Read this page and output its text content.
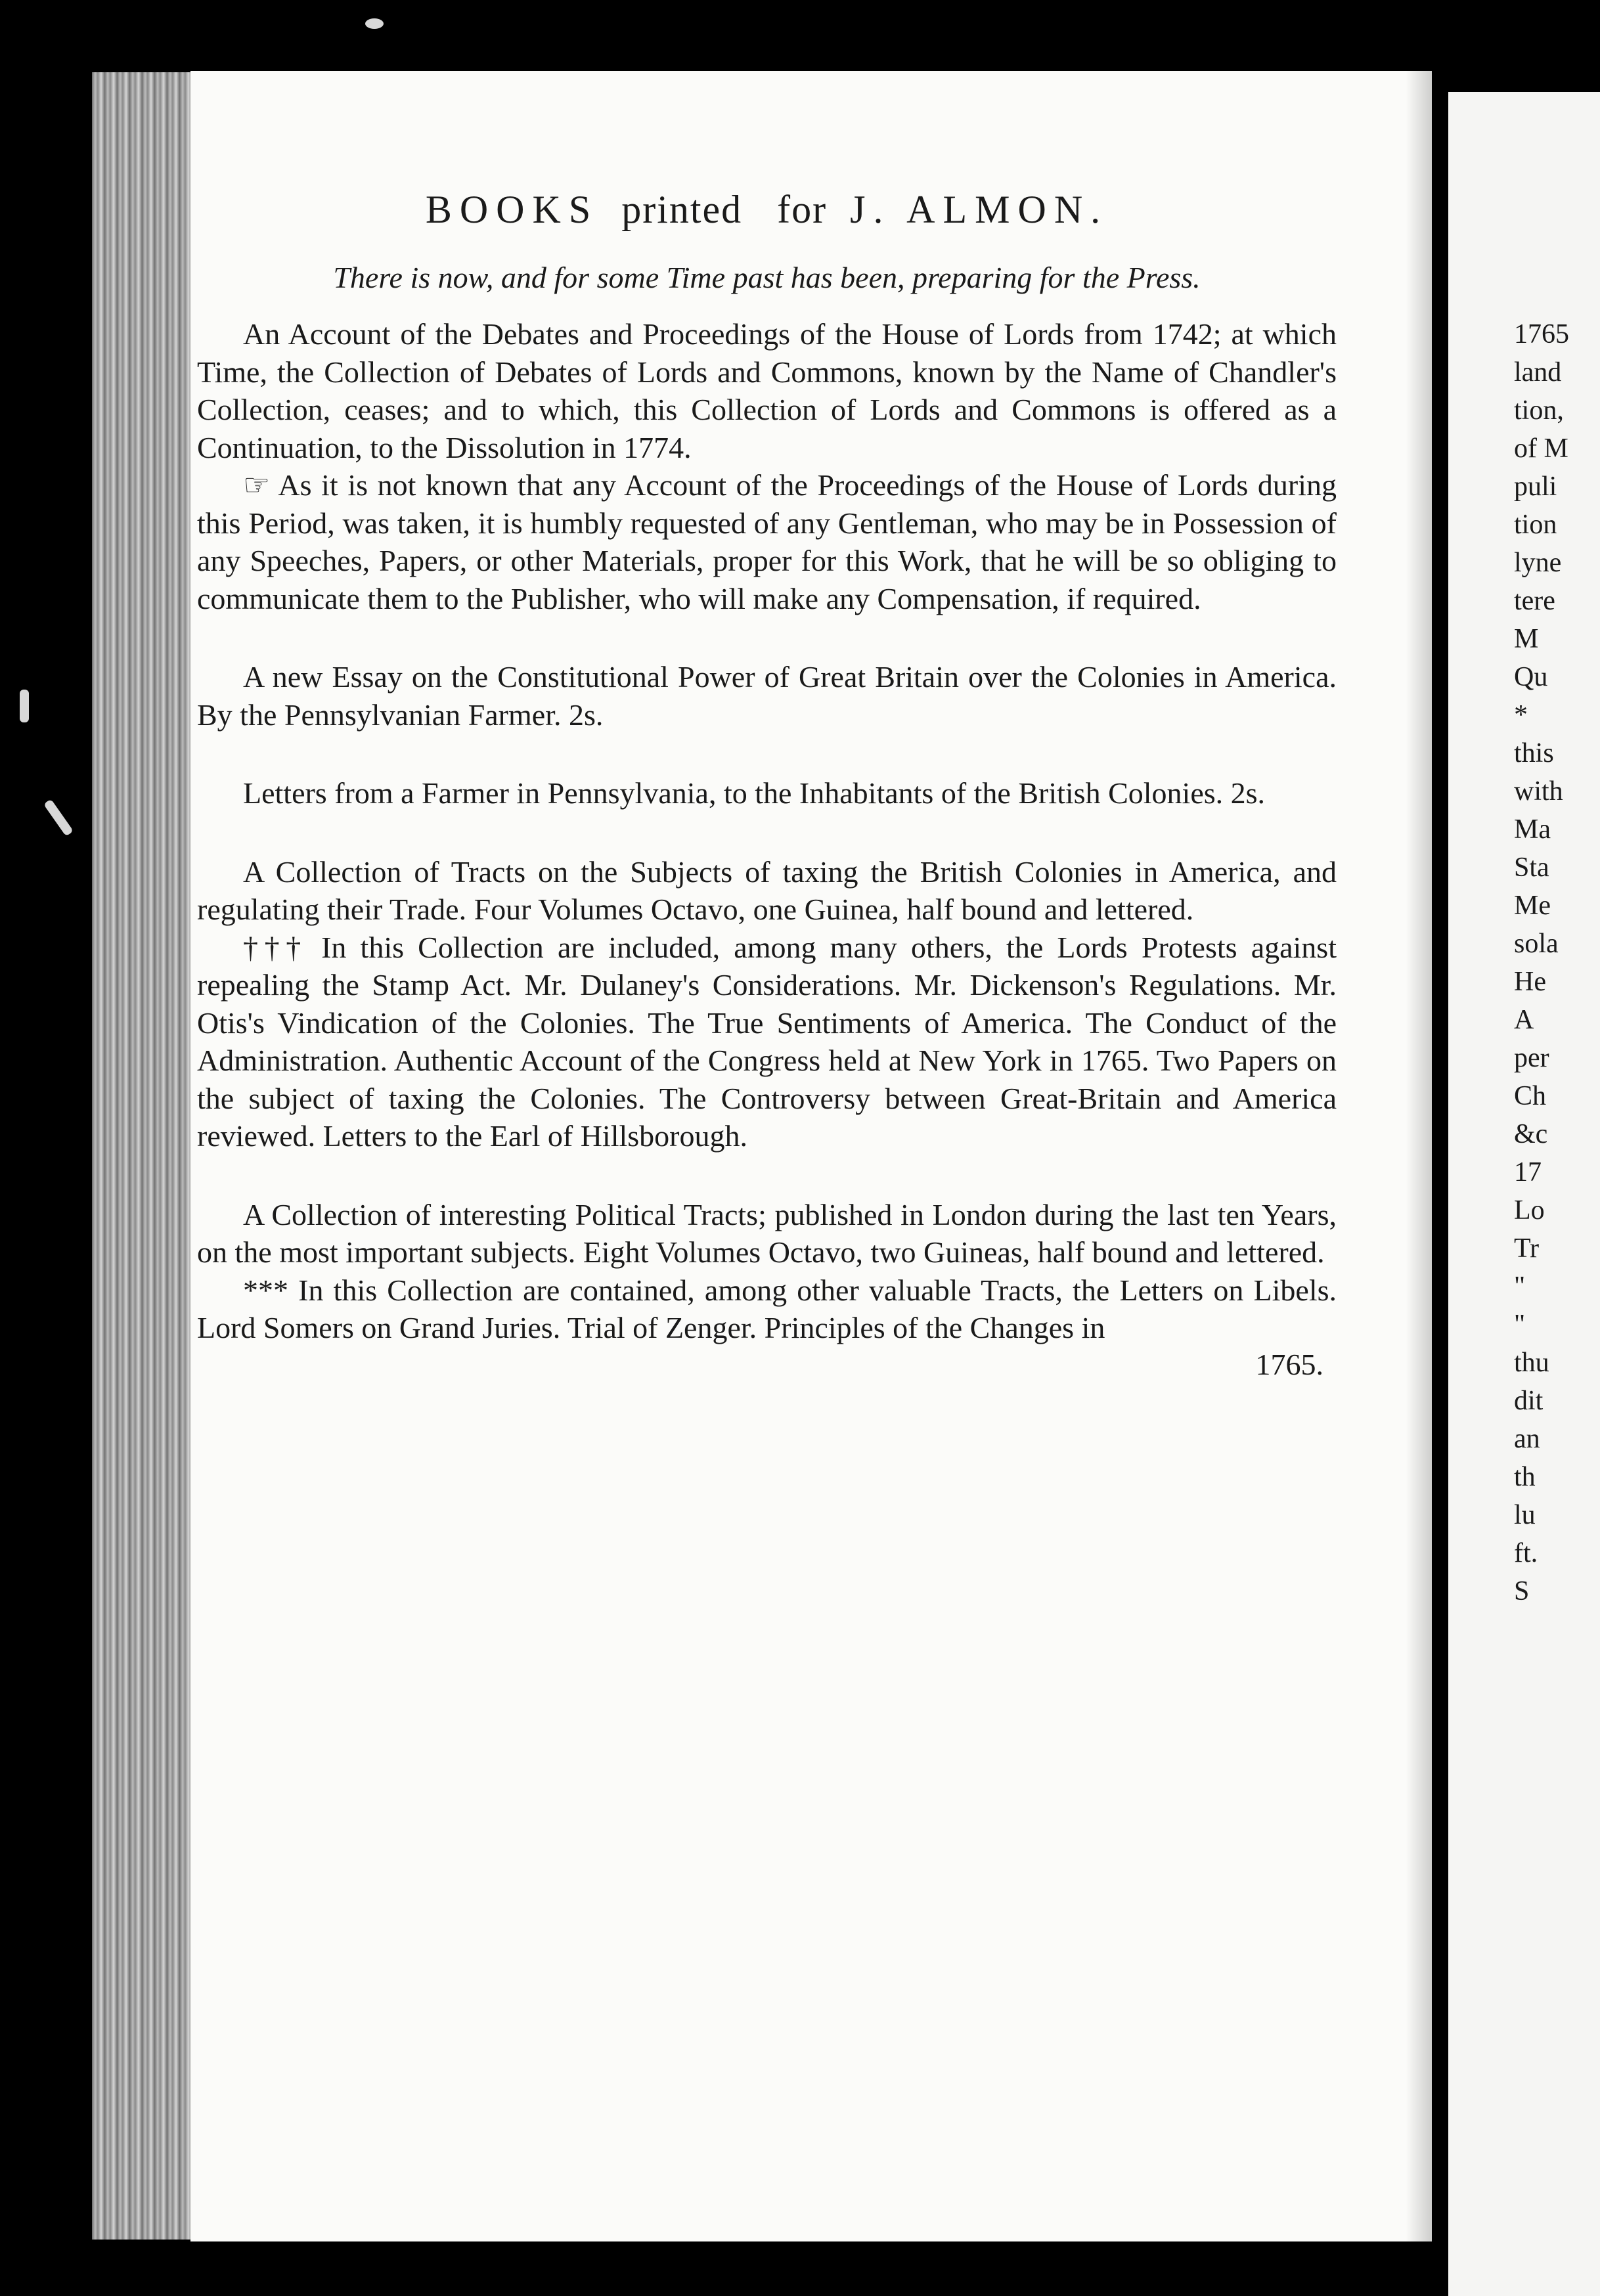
BOOKS printed for J. ALMON.

There is now, and for some Time past has been, preparing for the Press.

An Account of the Debates and Proceedings of the House of Lords from 1742; at which Time, the Collection of Debates of Lords and Commons, known by the Name of Chandler's Collection, ceases; and to which, this Collection of Lords and Commons is offered as a Continuation, to the Dissolution in 1774.

☞ As it is not known that any Account of the Proceedings of the House of Lords during this Period, was taken, it is humbly requested of any Gentleman, who may be in Possession of any Speeches, Papers, or other Materials, proper for this Work, that he will be so obliging to communicate them to the Publisher, who will make any Compensation, if required.

A new Essay on the Constitutional Power of Great Britain over the Colonies in America. By the Pennsylvanian Farmer. 2s.

Letters from a Farmer in Pennsylvania, to the Inhabitants of the British Colonies. 2s.

A Collection of Tracts on the Subjects of taxing the British Colonies in America, and regulating their Trade. Four Volumes Octavo, one Guinea, half bound and lettered.

††† In this Collection are included, among many others, the Lords Protests against repealing the Stamp Act. Mr. Dulaney's Considerations. Mr. Dickenson's Regulations. Mr. Otis's Vindication of the Colonies. The True Sentiments of America. The Conduct of the Administration. Authentic Account of the Congress held at New York in 1765. Two Papers on the subject of taxing the Colonies. The Controversy between Great-Britain and America reviewed. Letters to the Earl of Hillsborough.

A Collection of interesting Political Tracts; published in London during the last ten Years, on the most important subjects. Eight Volumes Octavo, two Guineas, half bound and lettered.

*** In this Collection are contained, among other valuable Tracts, the Letters on Libels. Lord Somers on Grand Juries. Trial of Zenger. Principles of the Changes in

1765.
1765
land
tion,
of M
puli
tion
lyne
tere
M
Qu
*
this
with
Ma
Sta
Me
sola
He
A
per
Ch
&c
17
Lo
Tr
"
"
thu
dit
an
th
lu
ft.
S
